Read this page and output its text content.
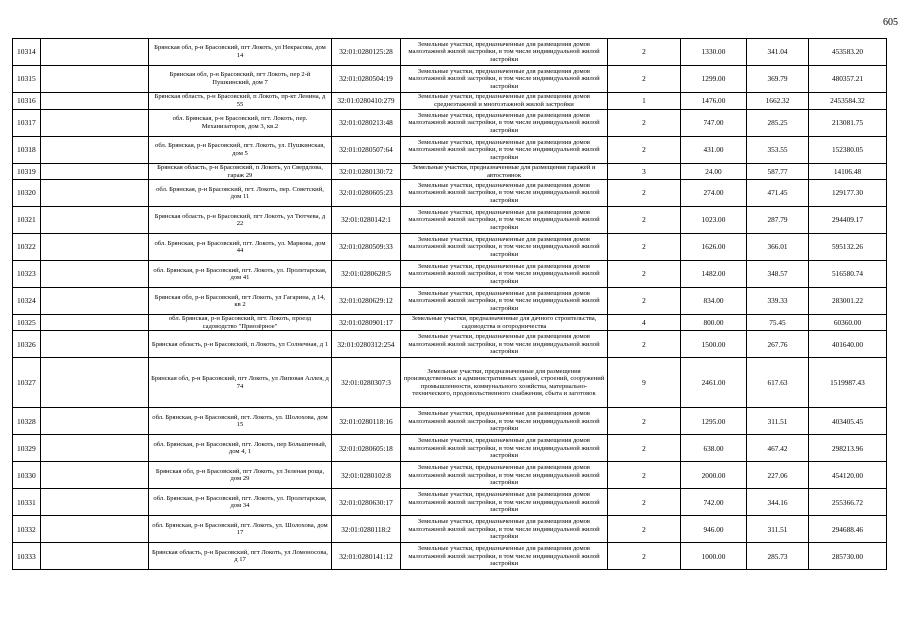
605
10314		Брянская обл, р-н Брасовский, пгт Локоть, ул Некрасова, дом 14	32:01:0280125:28	Земельные участки, предназначенные для размещения домов малоэтажной жилой застройки, в том числе индивидуальной жилой застройки	2	1330.00	341.04	453583.20
10315		Брянская обл, р-н Брасовский, пгт Локоть, пер 2-й Пушкинский, дом 7	32:01:0280504:19	Земельные участки, предназначенные для размещения домов малоэтажной жилой застройки, в том числе индивидуальной жилой застройки	2	1299.00	369.79	480357.21
10316		Брянская область, р-н Брасовский, п Локоть, пр-кт Ленина, д 55	32:01:0280410:279	Земельные участки, предназначенные для размещения домов среднеэтажной и многоэтажной жилой застройки	1	1476.00	1662.32	2453584.32
10317		обл. Брянская, р-н Брасовский, пгт. Локоть, пер. Механизаторов, дом 3, кв.2	32:01:0280213:48	Земельные участки, предназначенные для размещения домов малоэтажной жилой застройки, в том числе индивидуальной жилой застройки	2	747.00	285.25	213081.75
10318		обл. Брянская, р-н Брасовский, пгт. Локоть, ул. Пушкинская, дом 5	32:01:0280507:64	Земельные участки, предназначенные для размещения домов малоэтажной жилой застройки, в том числе индивидуальной жилой застройки	2	431.00	353.55	152380.05
10319		Брянская область, р-н Брасовский, п Локоть, ул Свердлова, гараж 29	32:01:0280130:72	Земельные участки, предназначенные для размещения гаражей и автостоянок	3	24.00	587.77	14106.48
10320		обл. Брянская, р-н Брасовский, пгт. Локоть, пер. Советский, дом 11	32:01:0280605:23	Земельные участки, предназначенные для размещения домов малоэтажной жилой застройки, в том числе индивидуальной жилой застройки	2	274.00	471.45	129177.30
10321		Брянская область, р-н Брасовский, пгт Локоть, ул Тютчева, д 22	32:01:0280142:1	Земельные участки, предназначенные для размещения домов малоэтажной жилой застройки, в том числе индивидуальной жилой застройки	2	1023.00	287.79	294409.17
10322		обл. Брянская, р-н Брасовский, пгт. Локоть, ул. Маркова, дом 44	32:01:0280509:33	Земельные участки, предназначенные для размещения домов малоэтажной жилой застройки, в том числе индивидуальной жилой застройки	2	1626.00	366.01	595132.26
10323		обл. Брянская, р-н Брасовский, пгт. Локоть, ул. Пролетарская, дом 41	32:01:0280628:5	Земельные участки, предназначенные для размещения домов малоэтажной жилой застройки, в том числе индивидуальной жилой застройки	2	1482.00	348.57	516580.74
10324		Брянская обл, р-н Брасовский, пгт Локоть, ул Гагарина, д 14, кв 2	32:01:0280629:12	Земельные участки, предназначенные для размещения домов малоэтажной жилой застройки, в том числе индивидуальной жилой застройки	2	834.00	339.33	283001.22
10325		обл. Брянская, р-н Брасовский, пгт. Локоть, проезд садоводство "Приозёрное"	32:01:0280901:17	Земельные участки, предназначенные для дачного строительства, садоводства и огородничества	4	800.00	75.45	60360.00
10326		Брянская область, р-н Брасовский, п Локоть, ул Солнечная, д 1	32:01:0280312:254	Земельные участки, предназначенные для размещения домов малоэтажной жилой застройки, в том числе индивидуальной жилой застройки	2	1500.00	267.76	401640.00
10327		Брянская обл, р-н Брасовский, пгт Локоть, ул Липовая Аллея, д 74	32:01:0280307:3	Земельные участки, предназначенные для размещения производственных и административных зданий, строений, сооружений промышленности, коммунального хозяйства, материально-технического, продовольственного снабжения, сбыта и заготовок	9	2461.00	617.63	1519987.43
10328		обл. Брянская, р-н Брасовский, пгт. Локоть, ул. Шолохова, дом 15	32:01:0280118:16	Земельные участки, предназначенные для размещения домов малоэтажной жилой застройки, в том числе индивидуальной жилой застройки	2	1295.00	311.51	403405.45
10329		обл. Брянская, р-н Брасовский, пгт. Локоть, пер Большичный, дом 4, 1	32:01:0280605:18	Земельные участки, предназначенные для размещения домов малоэтажной жилой застройки, в том числе индивидуальной жилой застройки	2	638.00	467.42	298213.96
10330		Брянская обл, р-н Брасовский, пгт Локоть, ул Зеленая роща, дом 29	32:01:0280102:8	Земельные участки, предназначенные для размещения домов малоэтажной жилой застройки, в том числе индивидуальной жилой застройки	2	2000.00	227.06	454120.00
10331		обл. Брянская, р-н Брасовский, пгт. Локоть, ул. Пролетарская, дом 34	32:01:0280630:17	Земельные участки, предназначенные для размещения домов малоэтажной жилой застройки, в том числе индивидуальной жилой застройки	2	742.00	344.16	255366.72
10332		обл. Брянская, р-н Брасовский, пгт. Локоть, ул. Шолохова, дом 17	32:01:0280118:2	Земельные участки, предназначенные для размещения домов малоэтажной жилой застройки, в том числе индивидуальной жилой застройки	2	946.00	311.51	294688.46
10333		Брянская область, р-н Брасовский, пгт Локоть, ул Ломоносова, д 17	32:01:0280141:12	Земельные участки, предназначенные для размещения домов малоэтажной жилой застройки, в том числе индивидуальной жилой застройки	2	1000.00	285.73	285730.00
